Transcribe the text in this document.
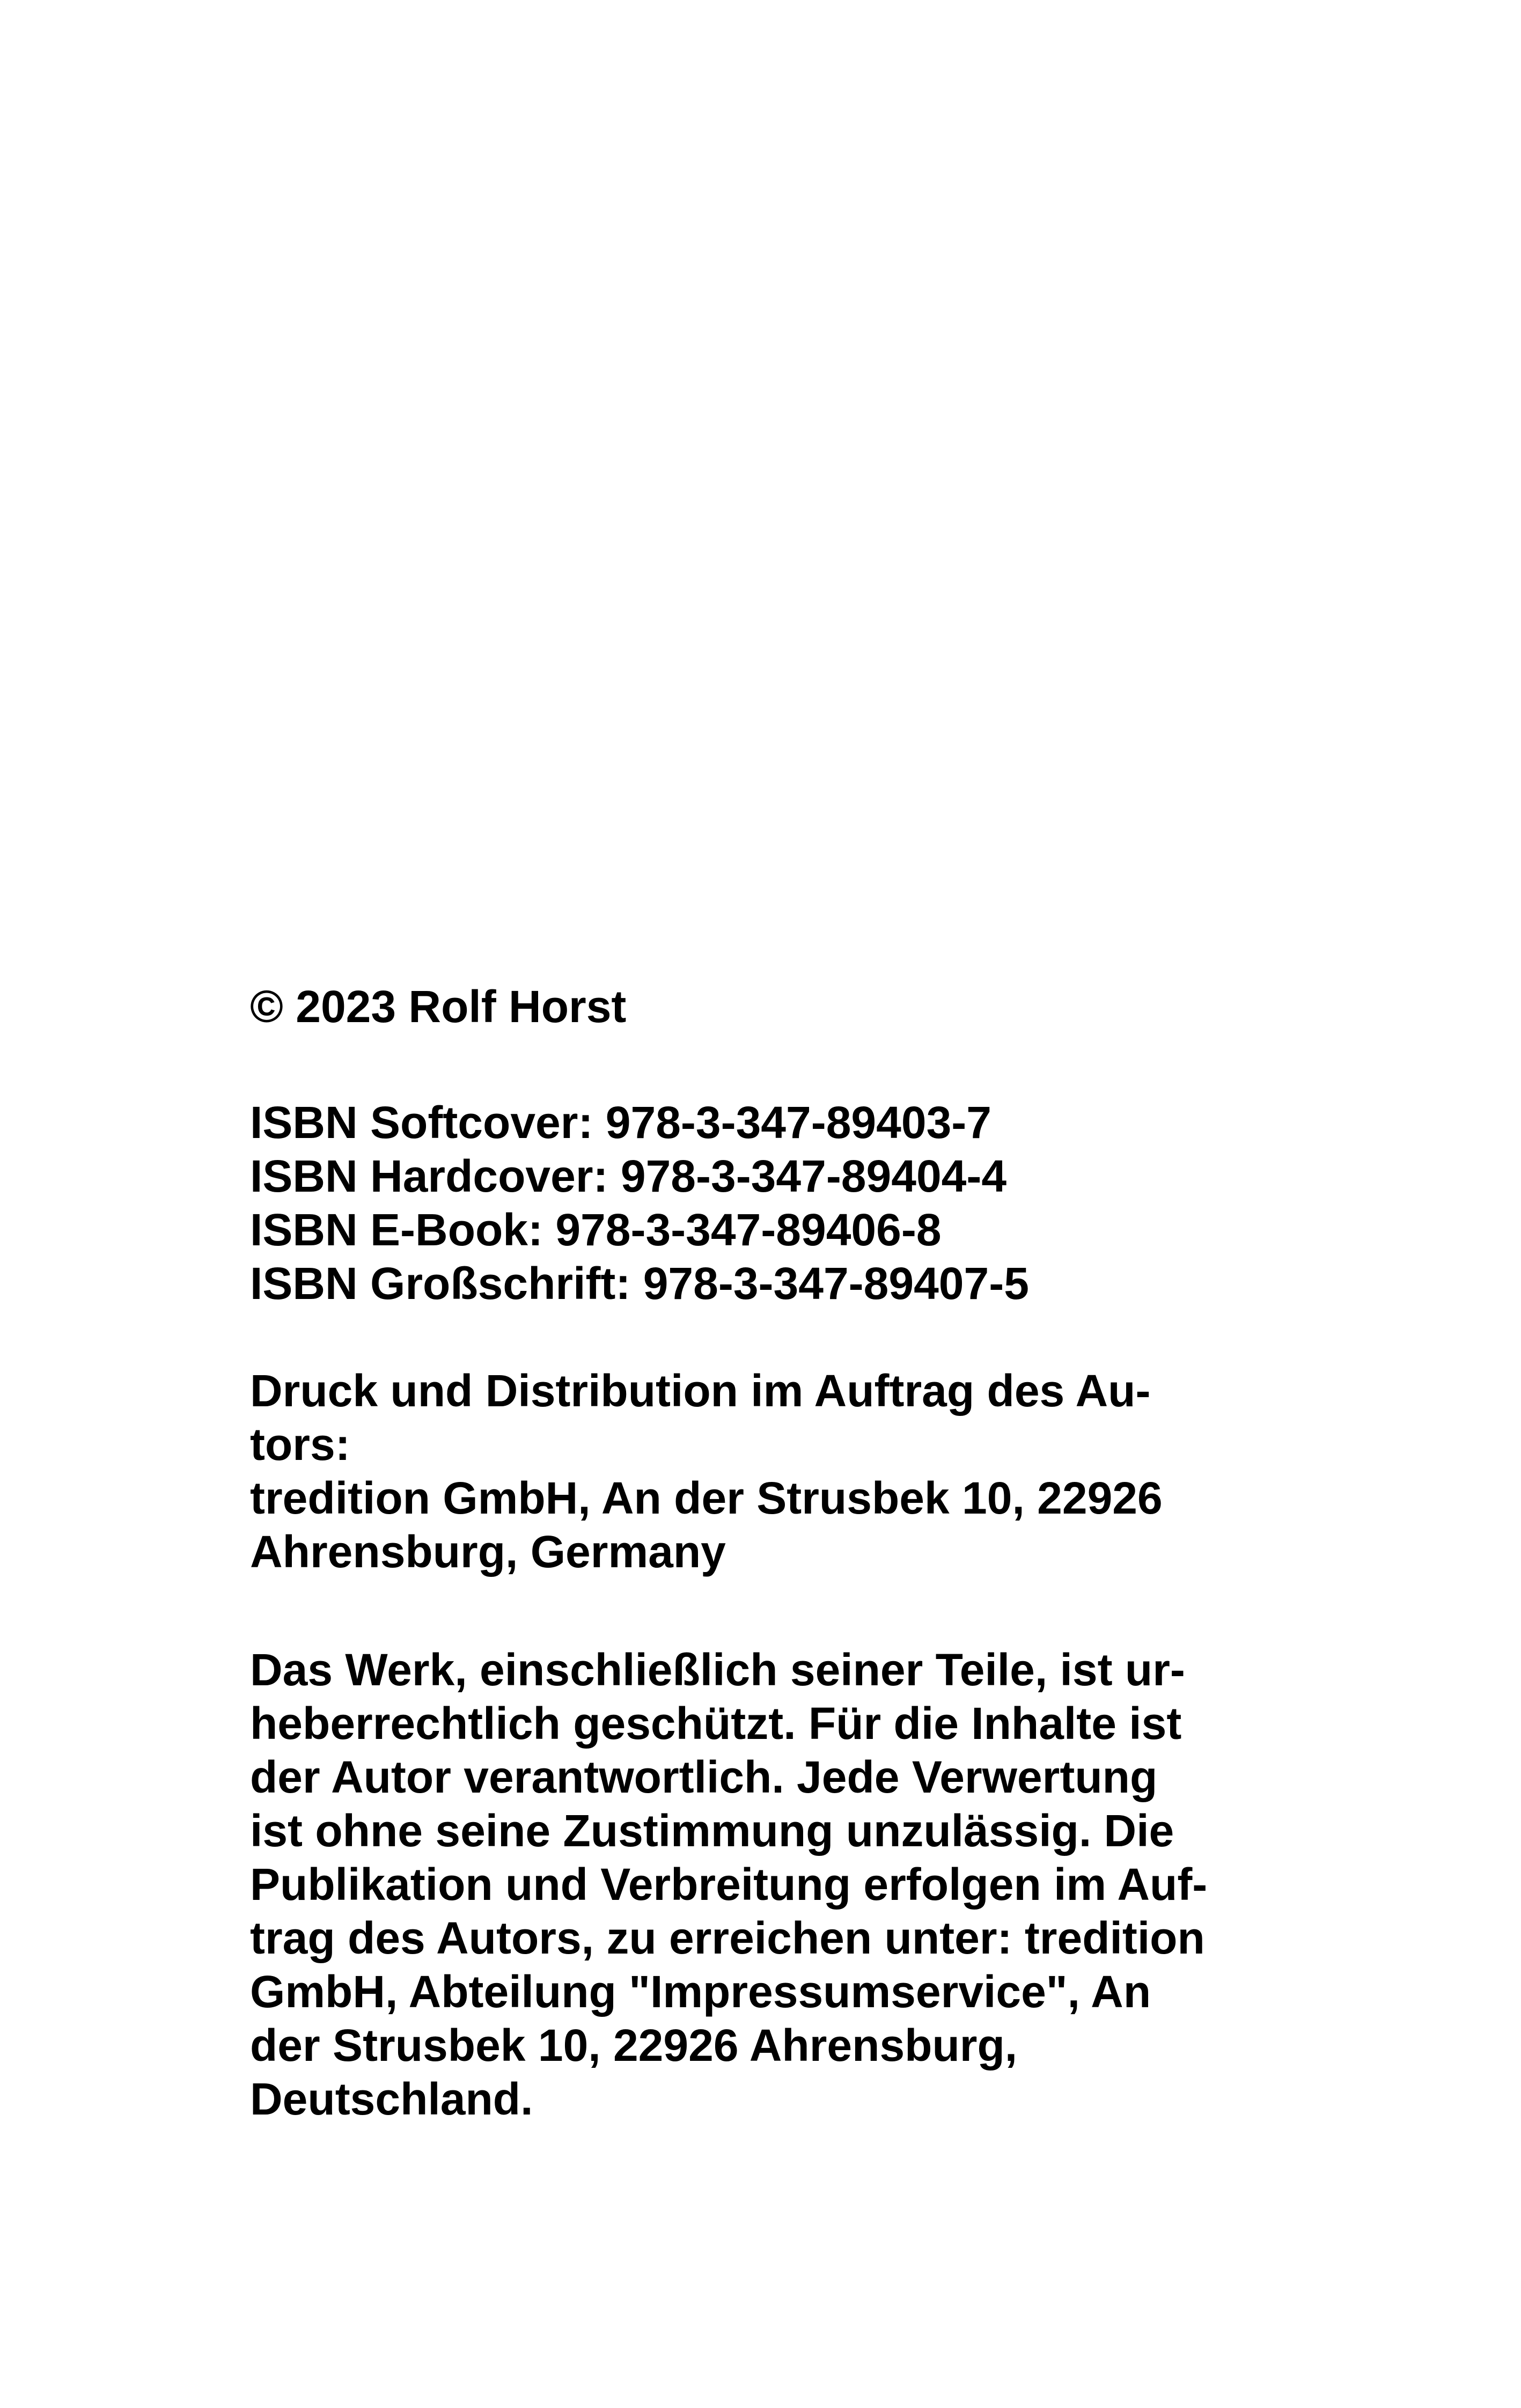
© 2023 Rolf Horst
ISBN Softcover: 978-3-347-89403-7
ISBN Hardcover: 978-3-347-89404-4
ISBN E-Book: 978-3-347-89406-8
ISBN Großschrift: 978-3-347-89407-5
Druck und Distribution im Auftrag des Au-
tors:
tredition GmbH, An der Strusbek 10, 22926
Ahrensburg, Germany
Das Werk, einschließlich seiner Teile, ist ur-
heberrechtlich geschützt. Für die Inhalte ist
der Autor verantwortlich. Jede Verwertung
ist ohne seine Zustimmung unzulässig. Die
Publikation und Verbreitung erfolgen im Auf-
trag des Autors, zu erreichen unter: tredition
GmbH, Abteilung "Impressumservice", An
der Strusbek 10, 22926 Ahrensburg,
Deutschland.
